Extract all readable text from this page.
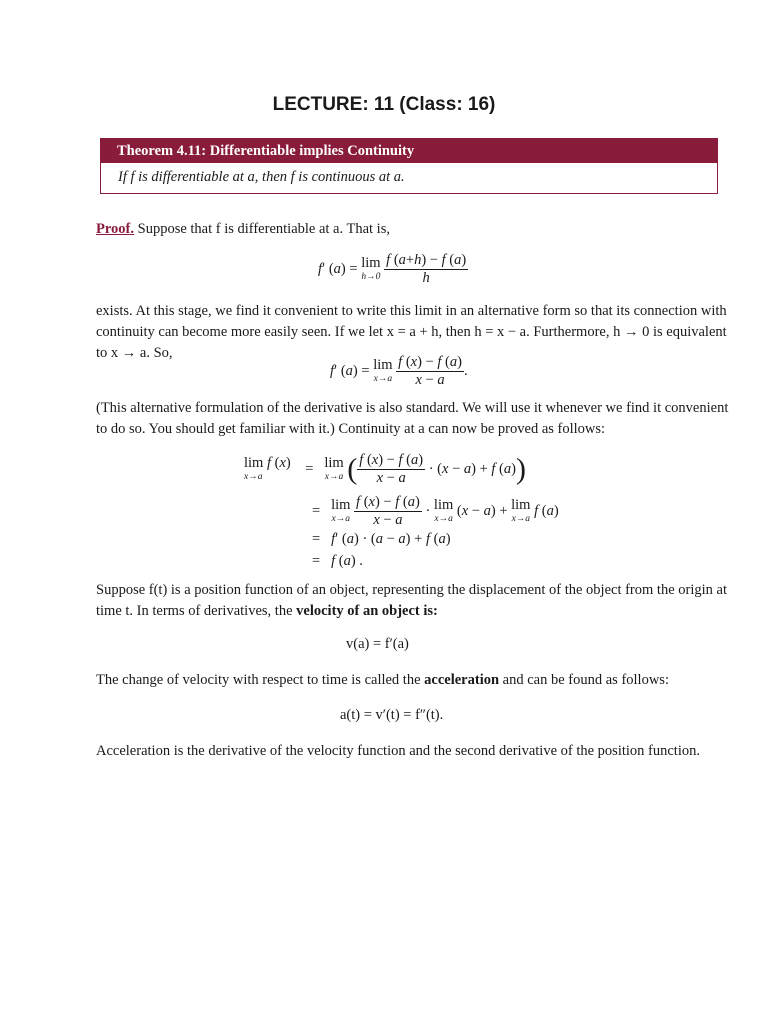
LECTURE: 11 (Class: 16)
Theorem 4.11: Differentiable implies Continuity
If f is differentiable at a, then f is continuous at a.
Proof. Suppose that f is differentiable at a. That is,
f′ (a) = lim
h→0
$\frac{f (a+h) - f (a)}{h}$
exists. At this stage, we find it convenient to write this limit in an alternative form so that its connection with continuity can become more easily seen. If we let x = a + h, then h = x − a. Furthermore, h → 0 is equivalent to x → a. So,
f′ (a) = lim
x→a
$\frac{f (x) - f (a)}{x - a}$ .
(This alternative formulation of the derivative is also standard. We will use it whenever we find it convenient to do so. You should get familiar with it.) Continuity at a can now be proved as follows:
lim f (x)
x→a	=   lim
x→a ( $\frac{f (x) - f (a)}{x - a} \cdot (x - a) + f$ (a))
=   lim
x→a
$\frac{f (x) - f (a)}{x - a} \cdot \lim$
x→a (x − a) + lim
x→a f (a)
=   f′ (a) · (a − a) + f (a)
=   f (a) .
Suppose f(t) is a position function of an object, representing the displacement of the object from the origin at time t. In terms of derivatives, the velocity of an object is:
v(a) = f′(a)
The change of velocity with respect to time is called the acceleration and can be found as follows:
a(t) = v′(t) = f″(t).
Acceleration is the derivative of the velocity function and the second derivative of the position function.
